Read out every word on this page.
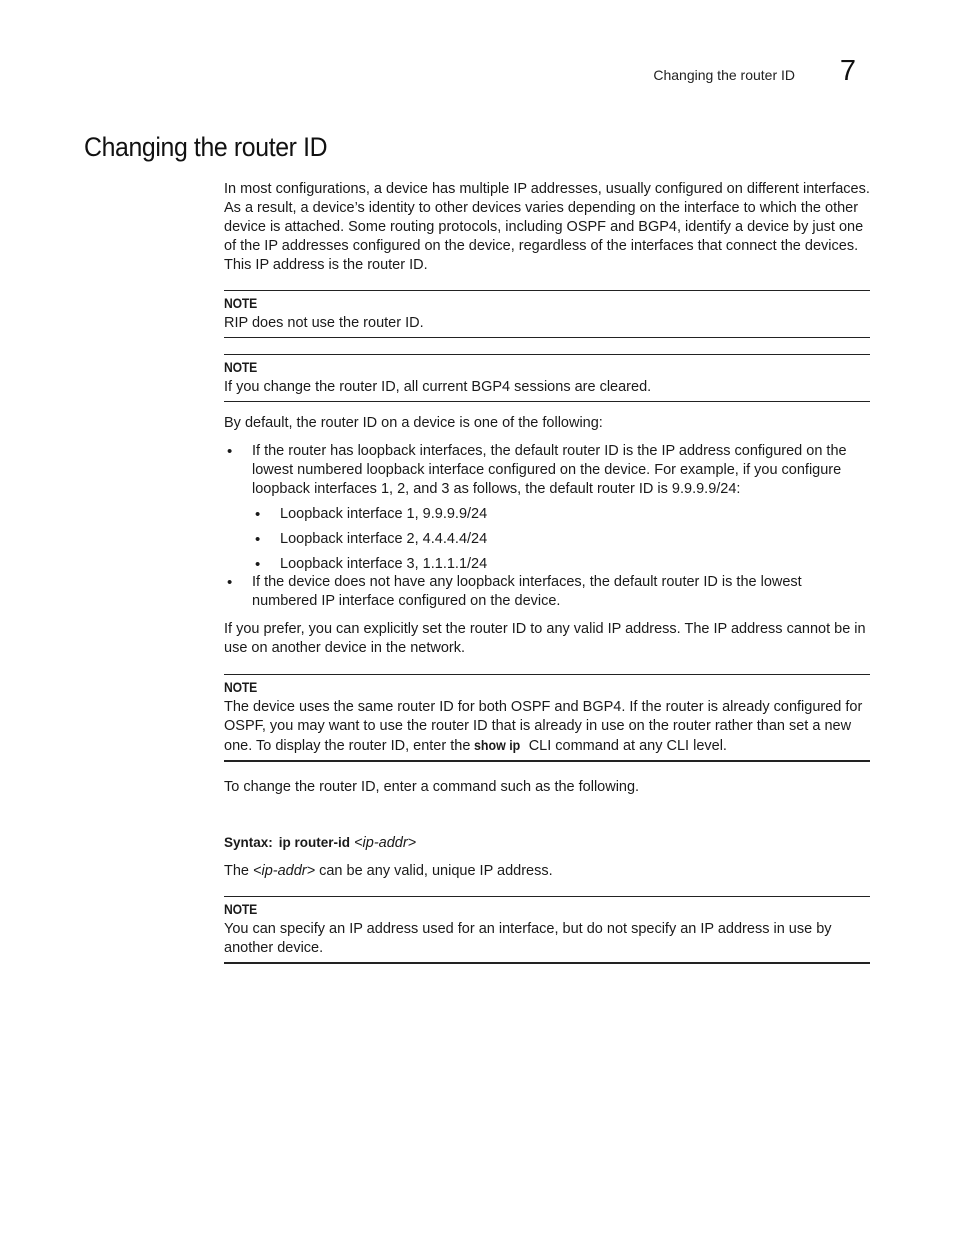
Changing the router ID 7
Changing the router ID

In most configurations, a device has multiple IP addresses, usually configured on different interfaces. As a result, a device’s identity to other devices varies depending on the interface to which the other device is attached. Some routing protocols, including OSPF and BGP4, identify a device by just one of the IP addresses configured on the device, regardless of the interfaces that connect the devices. This IP address is the router ID.

NOTE

RIP does not use the router ID.

NOTE

If you change the router ID, all current BGP4 sessions are cleared.

By default, the router ID on a device is one of the following:

• If the router has loopback interfaces, the default router ID is the IP address configured on the lowest numbered loopback interface configured on the device. For example, if you configure loopback interfaces 1, 2, and 3 as follows, the default router ID is 9.9.9.9/24:
• Loopback interface 1, 9.9.9.9/24
• Loopback interface 2, 4.4.4.4/24
• Loopback interface 3, 1.1.1.1/24
• If the device does not have any loopback interfaces, the default router ID is the lowest numbered IP interface configured on the device.

If you prefer, you can explicitly set the router ID to any valid IP address. The IP address cannot be in use on another device in the network.

NOTE

The device uses the same router ID for both OSPF and BGP4. If the router is already configured for OSPF, you may want to use the router ID that is already in use on the router rather than set a new one. To display the router ID, enter the show ip CLI command at any CLI level.

To change the router ID, enter a command such as the following.

Syntax: ip router-id <ip-addr>

The <ip-addr> can be any valid, unique IP address.

NOTE

You can specify an IP address used for an interface, but do not specify an IP address in use by another device.
